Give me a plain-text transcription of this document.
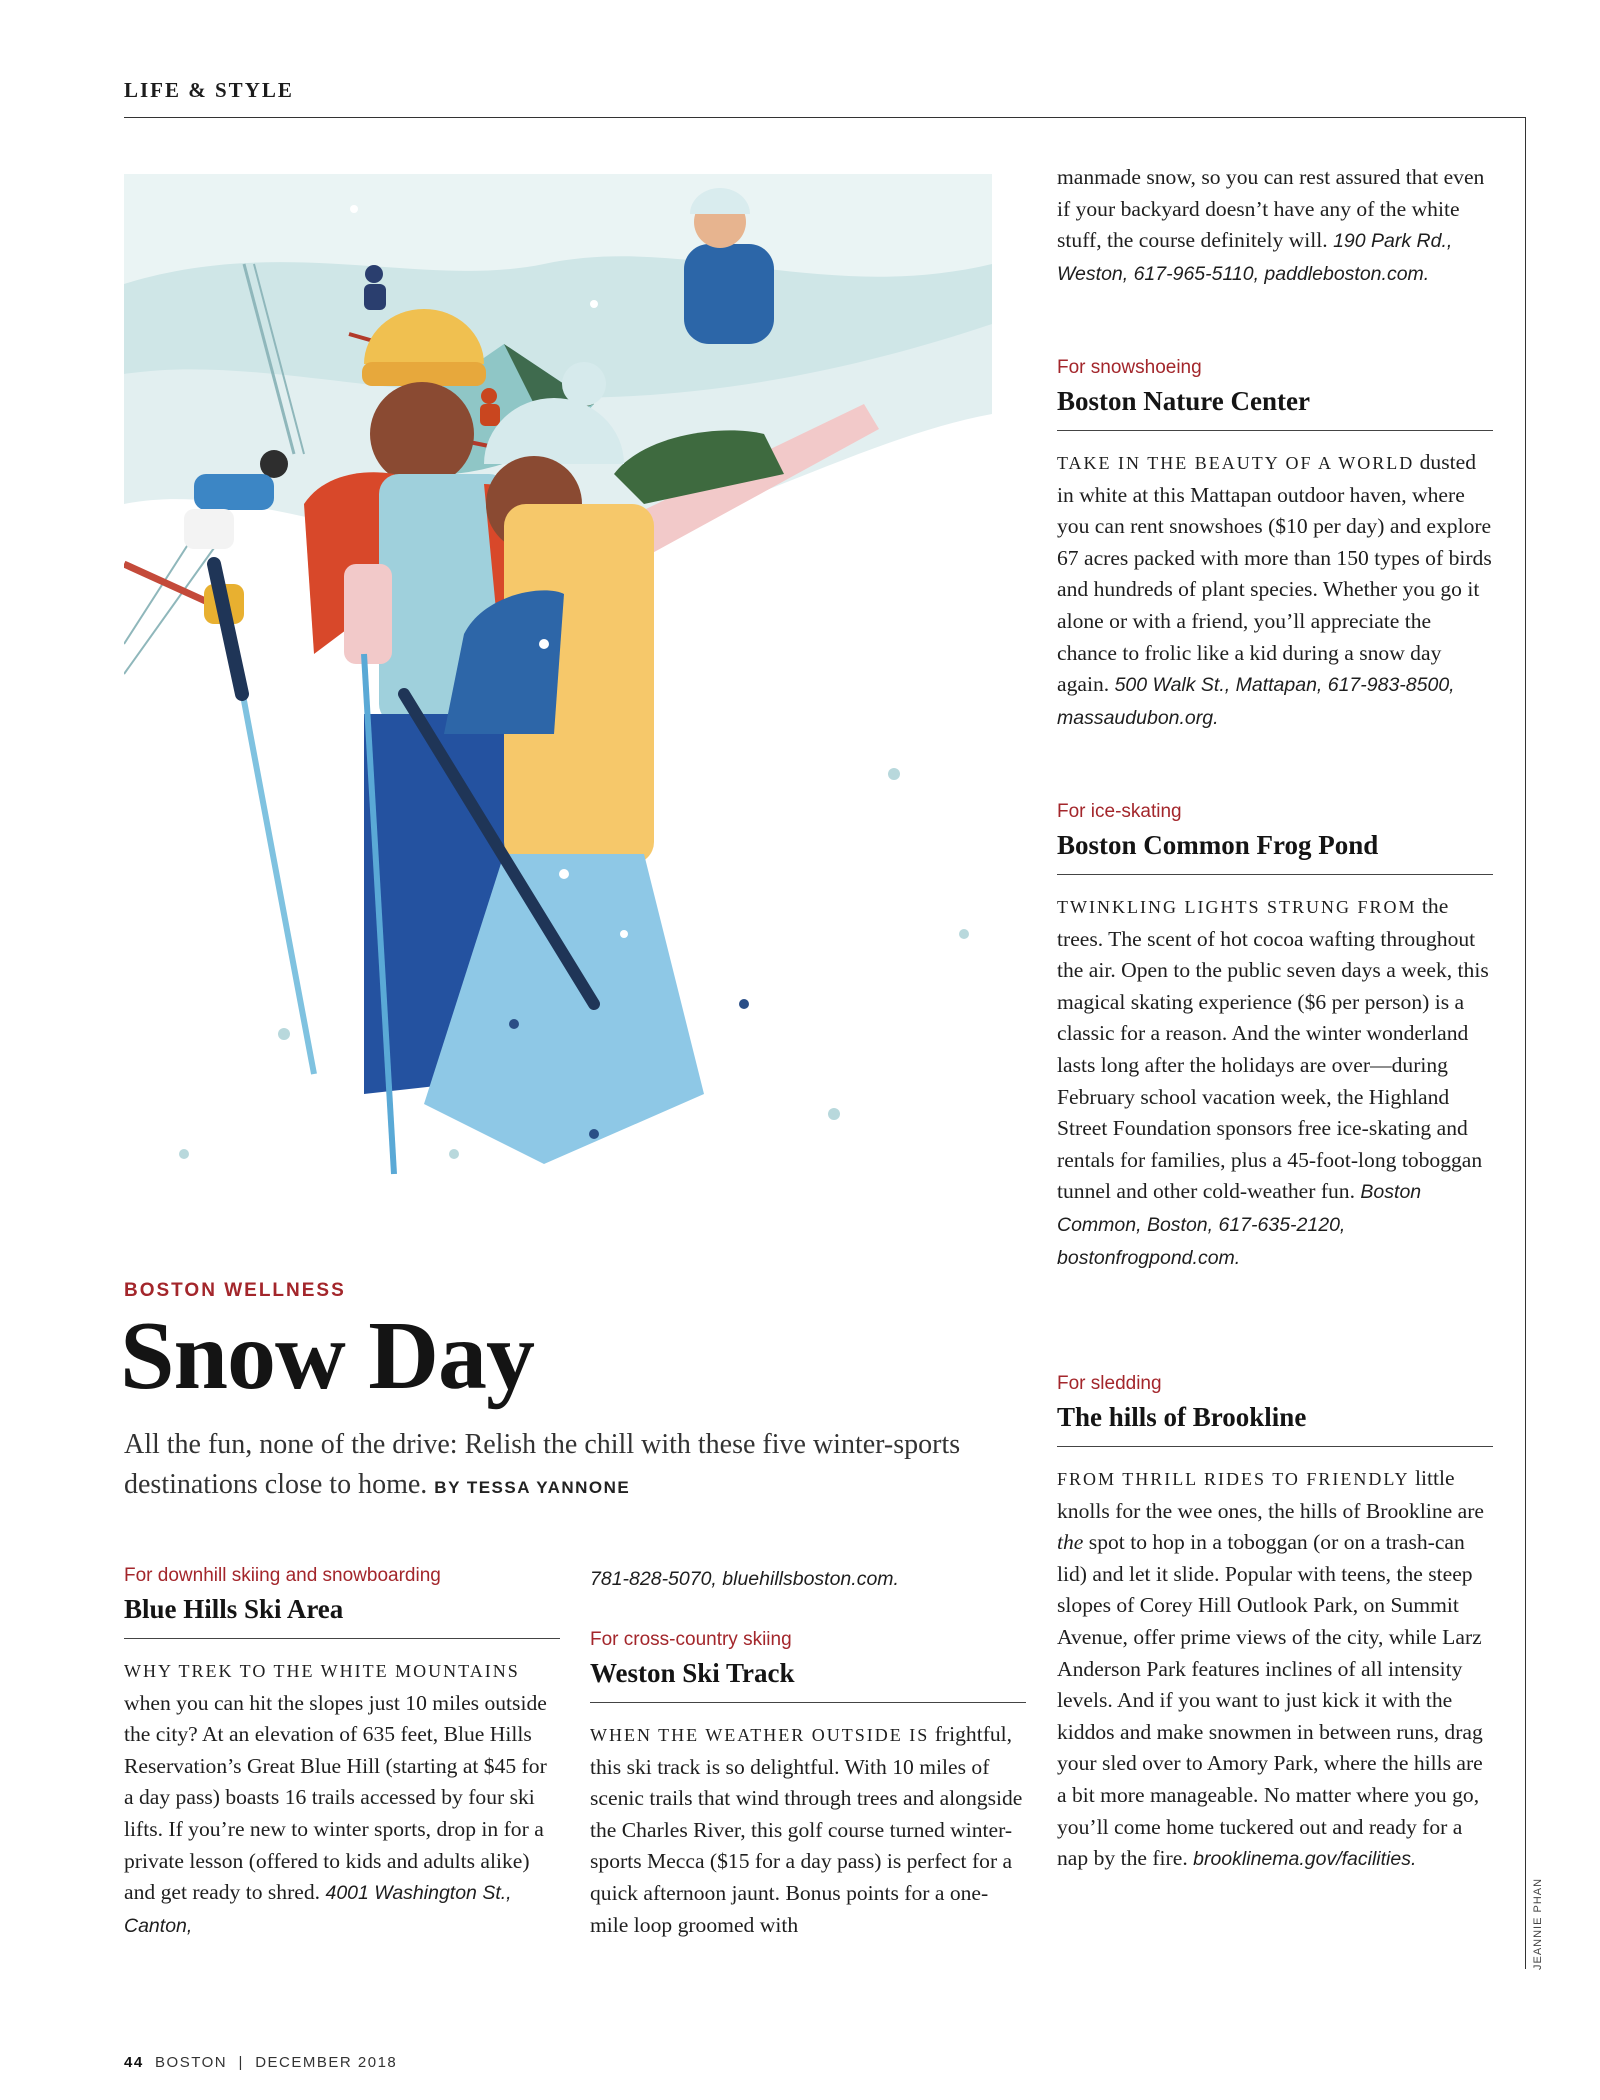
LIFE & STYLE
JEANNIE PHAN
BOSTON WELLNESS
Snow Day
All the fun, none of the drive: Relish the chill with these five winter-sports destinations close to home. BY TESSA YANNONE
For downhill skiing and snowboarding
Blue Hills Ski Area

WHY TREK TO THE WHITE MOUNTAINS when you can hit the slopes just 10 miles outside the city? At an elevation of 635 feet, Blue Hills Reservation’s Great Blue Hill (starting at $45 for a day pass) boasts 16 trails accessed by four ski lifts. If you’re new to winter sports, drop in for a private lesson (offered to kids and adults alike) and get ready to shred. 4001 Washington St., Canton,

781-828-5070, bluehillsboston.com.

For cross-country skiing
Weston Ski Track

WHEN THE WEATHER OUTSIDE IS frightful, this ski track is so delightful. With 10 miles of scenic trails that wind through trees and alongside the Charles River, this golf course turned winter-sports Mecca ($15 for a day pass) is perfect for a quick afternoon jaunt. Bonus points for a one-mile loop groomed with

manmade snow, so you can rest assured that even if your backyard doesn’t have any of the white stuff, the course definitely will. 190 Park Rd., Weston, 617-965-5110, paddleboston.com.

For snowshoeing
Boston Nature Center

TAKE IN THE BEAUTY OF A WORLD dusted in white at this Mattapan outdoor haven, where you can rent snowshoes ($10 per day) and explore 67 acres packed with more than 150 types of birds and hundreds of plant species. Whether you go it alone or with a friend, you’ll appreciate the chance to frolic like a kid during a snow day again. 500 Walk St., Mattapan, 617-983-8500, massaudubon.org.

For ice-skating
Boston Common Frog Pond

TWINKLING LIGHTS STRUNG FROM the trees. The scent of hot cocoa wafting throughout the air. Open to the public seven days a week, this magical skating experience ($6 per person) is a classic for a reason. And the winter wonderland lasts long after the holidays are over—during February school vacation week, the Highland Street Foundation sponsors free ice-skating and rentals for families, plus a 45-foot-long toboggan tunnel and other cold-weather fun. Boston Common, Boston, 617-635-2120, bostonfrogpond.com.

For sledding
The hills of Brookline

FROM THRILL RIDES TO FRIENDLY little knolls for the wee ones, the hills of Brookline are the spot to hop in a toboggan (or on a trash-can lid) and let it slide. Popular with teens, the steep slopes of Corey Hill Outlook Park, on Summit Avenue, offer prime views of the city, while Larz Anderson Park features inclines of all intensity levels. And if you want to just kick it with the kiddos and make snowmen in between runs, drag your sled over to Amory Park, where the hills are a bit more manageable. No matter where you go, you’ll come home tuckered out and ready for a nap by the fire. brooklinema.gov/facilities.

44 BOSTON | DECEMBER 2018
